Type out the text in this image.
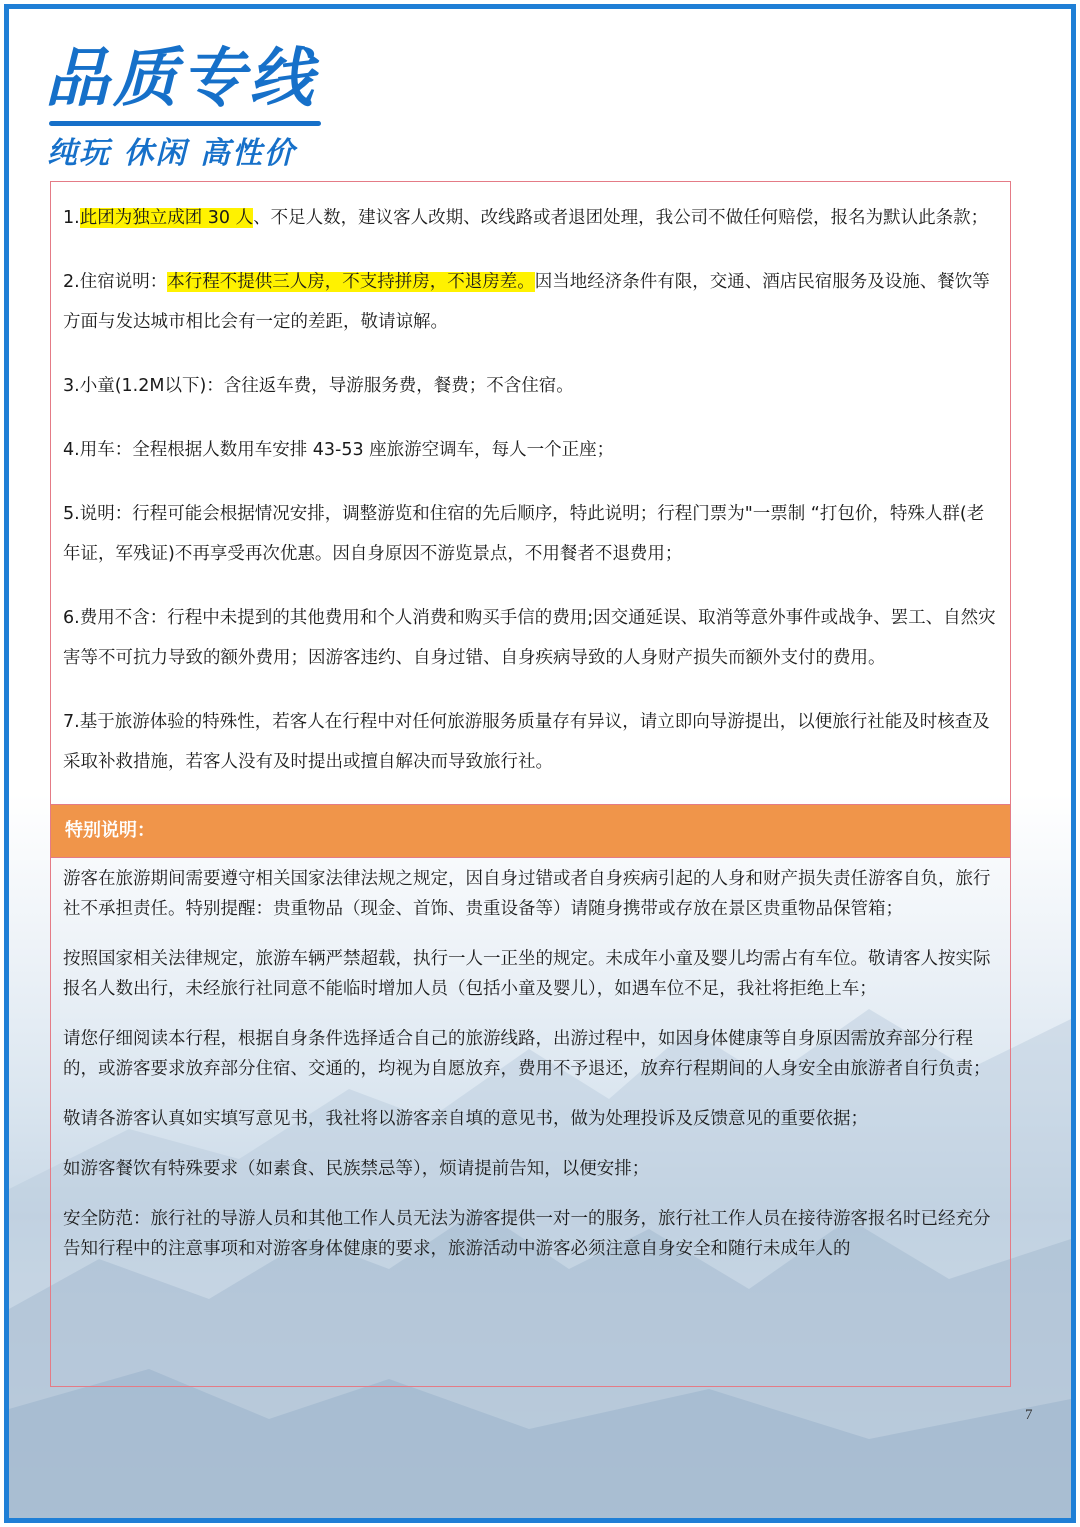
品质专线
纯玩 休闲 高性价

1.此团为独立成团 30 人、不足人数，建议客人改期、改线路或者退团处理，我公司不做任何赔偿，报名为默认此条款；

2.住宿说明：本行程不提供三人房，不支持拼房，不退房差。因当地经济条件有限，交通、酒店民宿服务及设施、餐饮等方面与发达城市相比会有一定的差距，敬请谅解。

3.小童(1.2M以下)：含往返车费，导游服务费，餐费；不含住宿。

4.用车：全程根据人数用车安排 43-53 座旅游空调车，每人一个正座；

5.说明：行程可能会根据情况安排，调整游览和住宿的先后顺序，特此说明；行程门票为"一票制 “打包价，特殊人群(老年证，军残证)不再享受再次优惠。因自身原因不游览景点，不用餐者不退费用；

6.费用不含：行程中未提到的其他费用和个人消费和购买手信的费用;因交通延误、取消等意外事件或战争、罢工、自然灾害等不可抗力导致的额外费用；因游客违约、自身过错、自身疾病导致的人身财产损失而额外支付的费用。

7.基于旅游体验的特殊性，若客人在行程中对任何旅游服务质量存有异议，请立即向导游提出，以便旅行社能及时核查及采取补救措施，若客人没有及时提出或擅自解决而导致旅行社。

特别说明：

游客在旅游期间需要遵守相关国家法律法规之规定，因自身过错或者自身疾病引起的人身和财产损失责任游客自负，旅行社不承担责任。特别提醒：贵重物品（现金、首饰、贵重设备等）请随身携带或存放在景区贵重物品保管箱；

按照国家相关法律规定，旅游车辆严禁超载，执行一人一正坐的规定。未成年小童及婴儿均需占有车位。敬请客人按实际报名人数出行，未经旅行社同意不能临时增加人员（包括小童及婴儿），如遇车位不足，我社将拒绝上车；

请您仔细阅读本行程，根据自身条件选择适合自己的旅游线路，出游过程中，如因身体健康等自身原因需放弃部分行程的，或游客要求放弃部分住宿、交通的，均视为自愿放弃，费用不予退还，放弃行程期间的人身安全由旅游者自行负责；

敬请各游客认真如实填写意见书，我社将以游客亲自填的意见书，做为处理投诉及反馈意见的重要依据；

如游客餐饮有特殊要求（如素食、民族禁忌等），烦请提前告知，以便安排；

安全防范：旅行社的导游人员和其他工作人员无法为游客提供一对一的服务，旅行社工作人员在接待游客报名时已经充分告知行程中的注意事项和对游客身体健康的要求，旅游活动中游客必须注意自身安全和随行未成年人的

7
